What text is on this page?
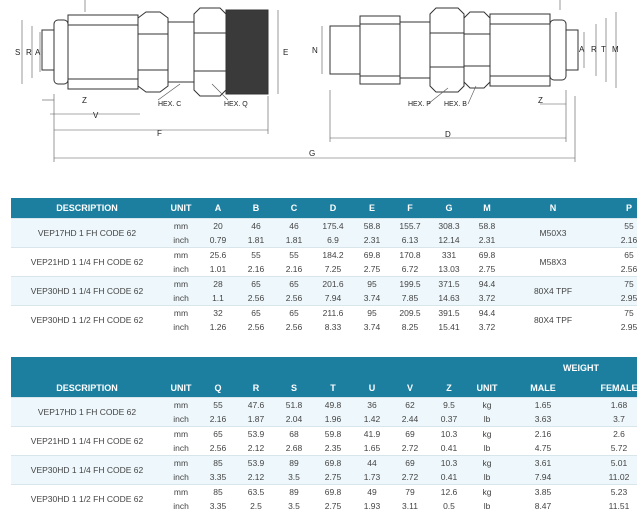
S R A	E
Z
V
F
HEX. C	HEX. Q
N	A R T M
Z
D
HEX. P HEX. B
G
DESCRIPTION	UNIT	A	B	C	D	E	F	G	M	N	P
VEP17HD 1 FH CODE 62	mm	20	46	46	175.4	58.8	155.7	308.3	58.8	M50X3	55
	inch	0.79	1.81	1.81	6.9	2.31	6.13	12.14	2.31		2.16
VEP21HD 1 1/4 FH CODE 62	mm	25.6	55	55	184.2	69.8	170.8	331	69.8	M58X3	65
	inch	1.01	2.16	2.16	7.25	2.75	6.72	13.03	2.75		2.56
VEP30HD 1 1/4 FH CODE 62	mm	28	65	65	201.6	95	199.5	371.5	94.4	80X4 TPF	75
	inch	1.1	2.56	2.56	7.94	3.74	7.85	14.63	3.72		2.95
VEP30HD 1 1/2 FH CODE 62	mm	32	65	65	211.6	95	209.5	391.5	94.4	80X4 TPF	75
	inch	1.26	2.56	2.56	8.33	3.74	8.25	15.41	3.72		2.95
										WEIGHT	
DESCRIPTION	UNIT	Q	R	S	T	U	V	Z	UNIT	MALE	FEMALE
VEP17HD 1 FH CODE 62	mm	55	47.6	51.8	49.8	36	62	9.5	kg	1.65	1.68
	inch	2.16	1.87	2.04	1.96	1.42	2.44	0.37	lb	3.63	3.7
VEP21HD 1 1/4 FH CODE 62	mm	65	53.9	68	59.8	41.9	69	10.3	kg	2.16	2.6
	inch	2.56	2.12	2.68	2.35	1.65	2.72	0.41	lb	4.75	5.72
VEP30HD 1 1/4 FH CODE 62	mm	85	53.9	89	69.8	44	69	10.3	kg	3.61	5.01
	inch	3.35	2.12	3.5	2.75	1.73	2.72	0.41	lb	7.94	11.02
VEP30HD 1 1/2 FH CODE 62	mm	85	63.5	89	69.8	49	79	12.6	kg	3.85	5.23
	inch	3.35	2.5	3.5	2.75	1.93	3.11	0.5	lb	8.47	11.51
